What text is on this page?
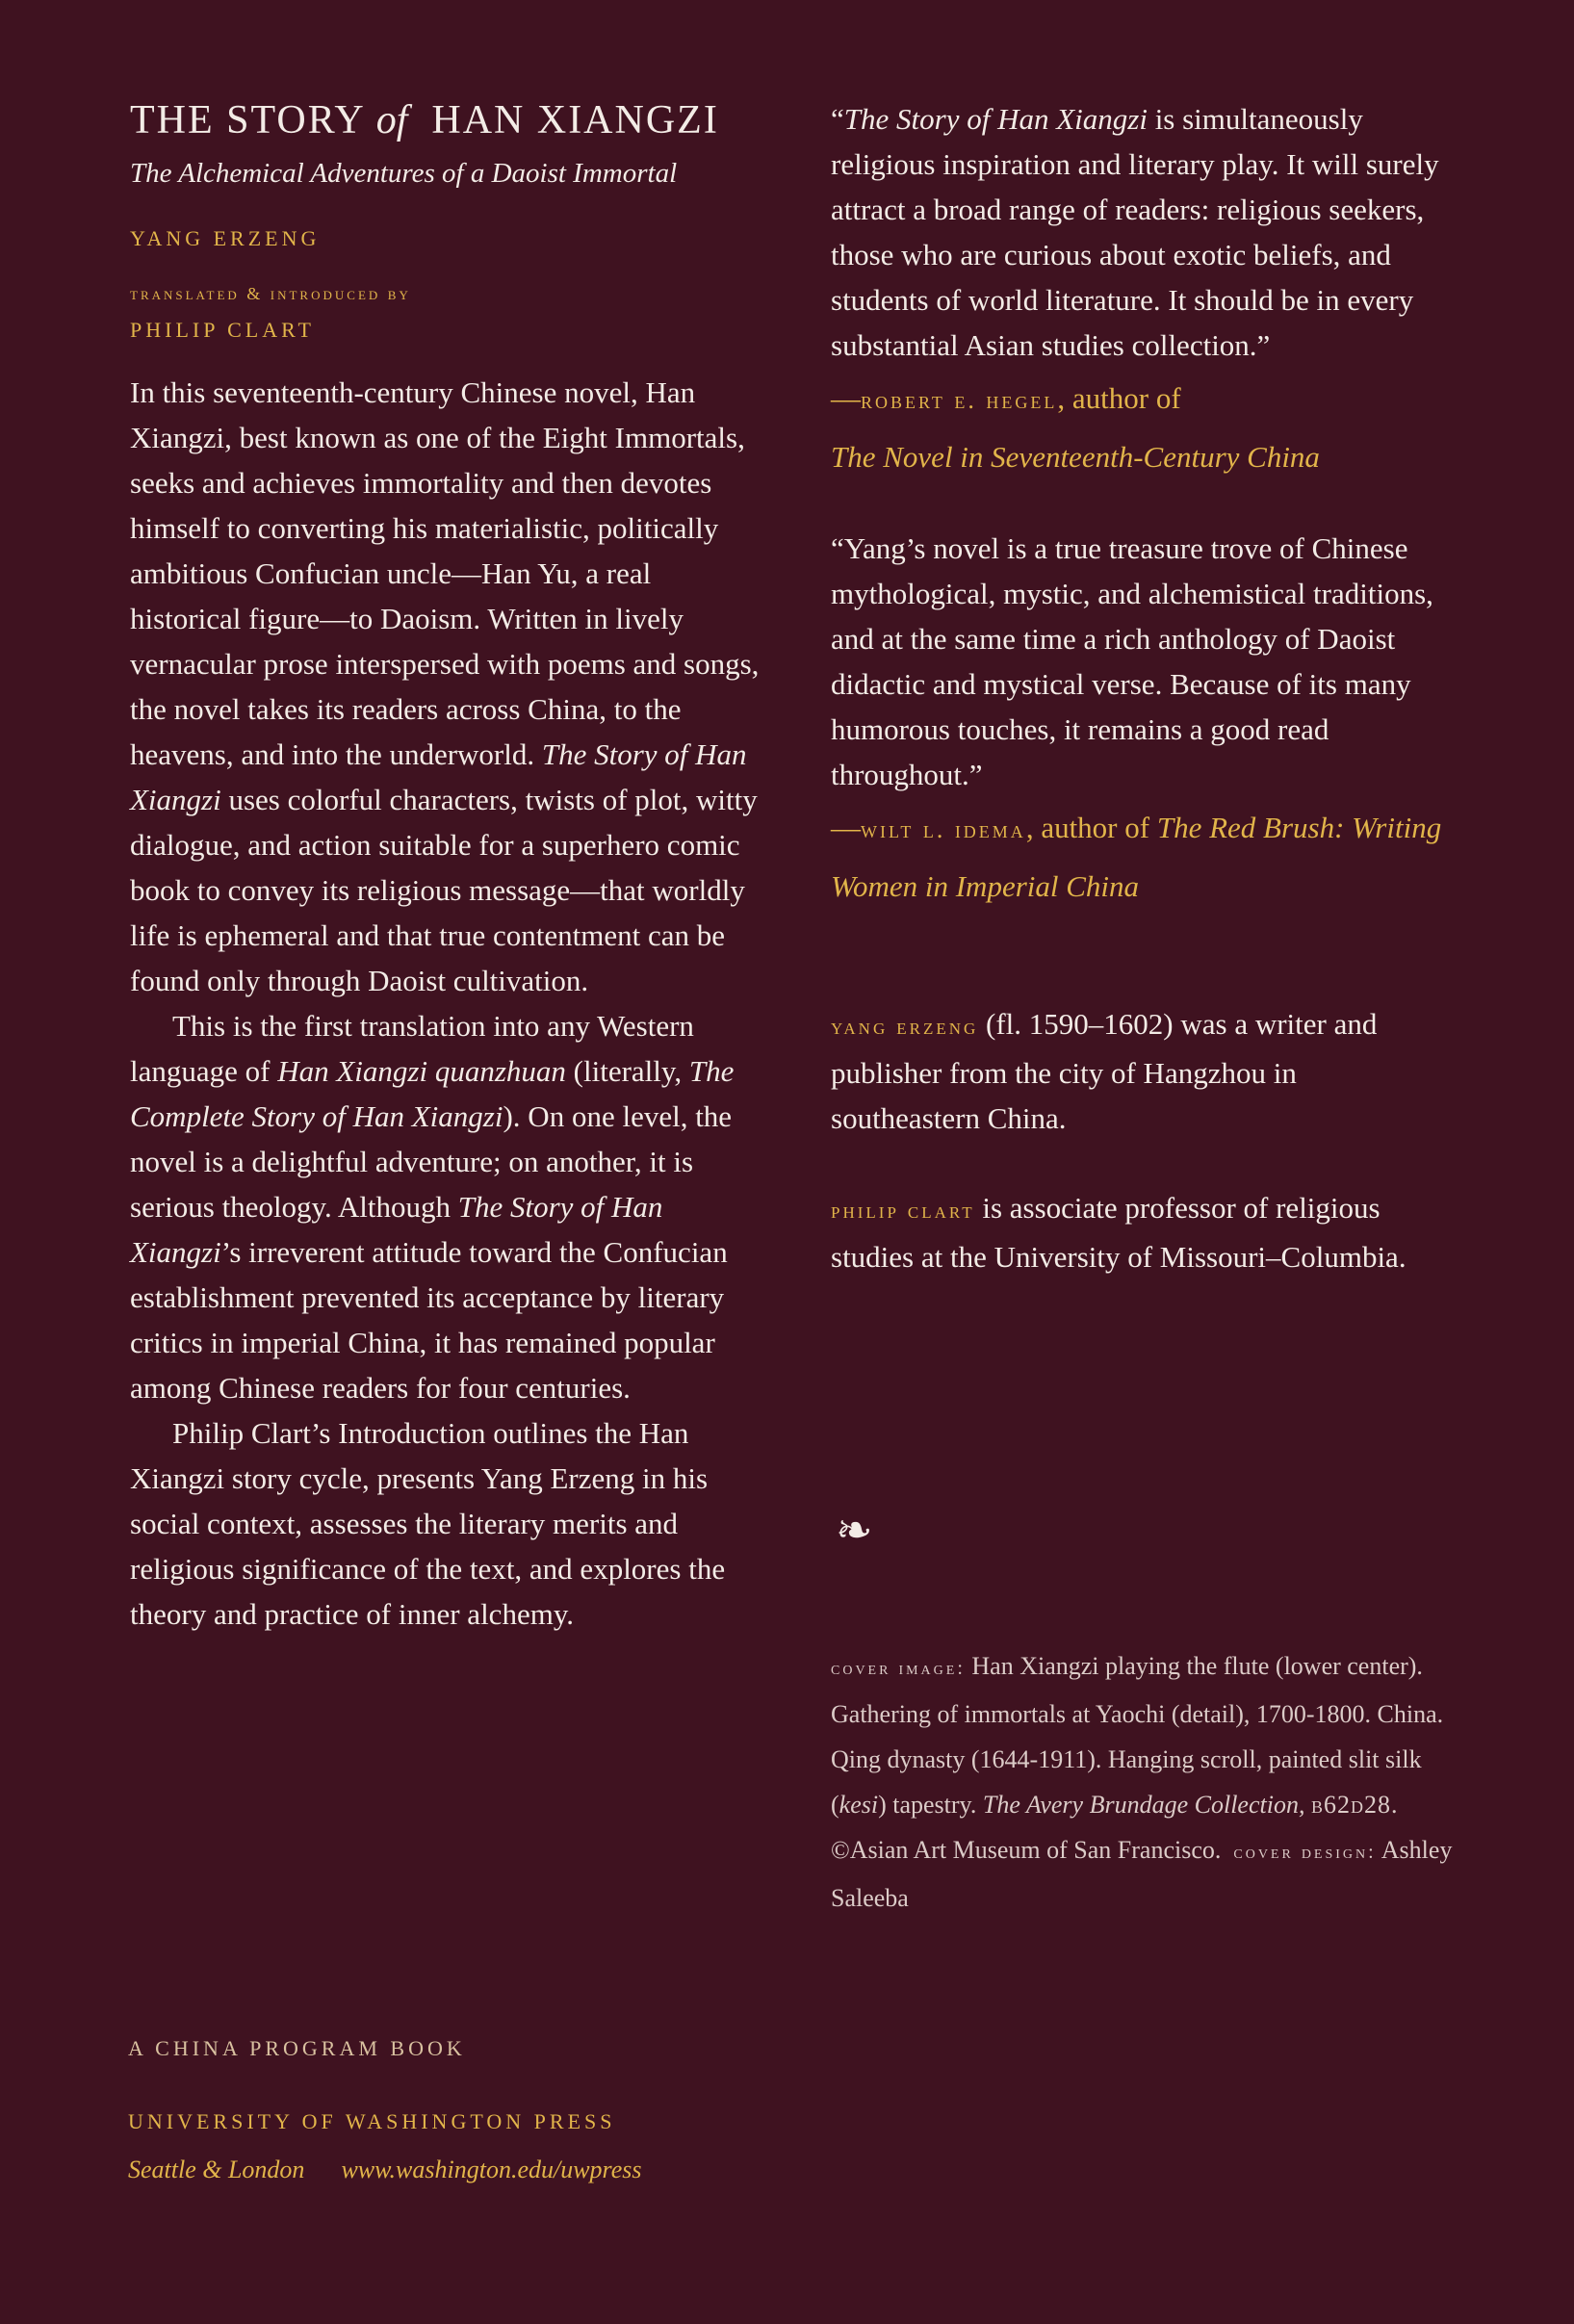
THE STORY of HAN XIANGZI

The Alchemical Adventures of a Daoist Immortal

YANG ERZENG
translated & introduced by
PHILIP CLART

In this seventeenth-century Chinese novel, Han Xiangzi, best known as one of the Eight Immortals, seeks and achieves immortality and then devotes himself to converting his materialistic, politically ambitious Confucian uncle—Han Yu, a real historical figure—to Daoism. Written in lively vernacular prose interspersed with poems and songs, the novel takes its readers across China, to the heavens, and into the underworld. The Story of Han Xiangzi uses colorful characters, twists of plot, witty dialogue, and action suitable for a superhero comic book to convey its religious message—that worldly life is ephemeral and that true contentment can be found only through Daoist cultivation.

This is the first translation into any Western language of Han Xiangzi quanzhuan (literally, The Complete Story of Han Xiangzi). On one level, the novel is a delightful adventure; on another, it is serious theology. Although The Story of Han Xiangzi’s irreverent attitude toward the Confucian establishment prevented its acceptance by literary critics in imperial China, it has remained popular among Chinese readers for four centuries.

Philip Clart’s Introduction outlines the Han Xiangzi story cycle, presents Yang Erzeng in his social context, assesses the literary merits and religious significance of the text, and explores the theory and practice of inner alchemy.

“The Story of Han Xiangzi is simultaneously religious inspiration and literary play. It will surely attract a broad range of readers: religious seekers, those who are curious about exotic beliefs, and students of world literature. It should be in every substantial Asian studies collection.”

—robert e. hegel, author of
The Novel in Seventeenth-Century China

“Yang’s novel is a true treasure trove of Chinese mythological, mystic, and alchemistical traditions, and at the same time a rich anthology of Daoist didactic and mystical verse. Because of its many humorous touches, it remains a good read throughout.”

—wilt l. idema, author of The Red Brush: Writing Women in Imperial China

yang erzeng (fl. 1590–1602) was a writer and publisher from the city of Hangzhou in southeastern China.

philip clart is associate professor of religious studies at the University of Missouri–Columbia.

❧
cover image: Han Xiangzi playing the flute (lower center). Gathering of immortals at Yaochi (detail), 1700-1800. China. Qing dynasty (1644-1911). Hanging scroll, painted slit silk (kesi) tapestry. The Avery Brundage Collection, b62d28. ©Asian Art Museum of San Francisco. cover design: Ashley Saleeba
A CHINA PROGRAM BOOK
UNIVERSITY OF WASHINGTON PRESS
Seattle & London www.washington.edu/uwpress
